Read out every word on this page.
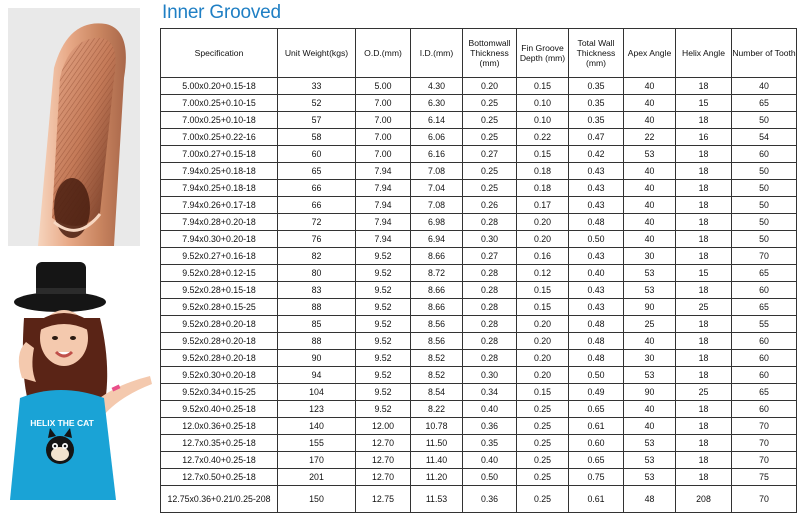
Inner Grooved
HELIX THE CAT
Specification	Unit Weight(kgs)	O.D.(mm)	I.D.(mm)	Bottomwall Thickness (mm)	Fin Groove Depth (mm)	Total Wall Thickness (mm)	Apex Angle	Helix Angle	Number of Tooth
5.00x0.20+0.15-18	33	5.00	4.30	0.20	0.15	0.35	40	18	40
7.00x0.25+0.10-15	52	7.00	6.30	0.25	0.10	0.35	40	15	65
7.00x0.25+0.10-18	57	7.00	6.14	0.25	0.10	0.35	40	18	50
7.00x0.25+0.22-16	58	7.00	6.06	0.25	0.22	0.47	22	16	54
7.00x0.27+0.15-18	60	7.00	6.16	0.27	0.15	0.42	53	18	60
7.94x0.25+0.18-18	65	7.94	7.08	0.25	0.18	0.43	40	18	50
7.94x0.25+0.18-18	66	7.94	7.04	0.25	0.18	0.43	40	18	50
7.94x0.26+0.17-18	66	7.94	7.08	0.26	0.17	0.43	40	18	50
7.94x0.28+0.20-18	72	7.94	6.98	0.28	0.20	0.48	40	18	50
7.94x0.30+0.20-18	76	7.94	6.94	0.30	0.20	0.50	40	18	50
9.52x0.27+0.16-18	82	9.52	8.66	0.27	0.16	0.43	30	18	70
9.52x0.28+0.12-15	80	9.52	8.72	0.28	0.12	0.40	53	15	65
9.52x0.28+0.15-18	83	9.52	8.66	0.28	0.15	0.43	53	18	60
9.52x0.28+0.15-25	88	9.52	8.66	0.28	0.15	0.43	90	25	65
9.52x0.28+0.20-18	85	9.52	8.56	0.28	0.20	0.48	25	18	55
9.52x0.28+0.20-18	88	9.52	8.56	0.28	0.20	0.48	40	18	60
9.52x0.28+0.20-18	90	9.52	8.52	0.28	0.20	0.48	30	18	60
9.52x0.30+0.20-18	94	9.52	8.52	0.30	0.20	0.50	53	18	60
9.52x0.34+0.15-25	104	9.52	8.54	0.34	0.15	0.49	90	25	65
9.52x0.40+0.25-18	123	9.52	8.22	0.40	0.25	0.65	40	18	60
12.0x0.36+0.25-18	140	12.00	10.78	0.36	0.25	0.61	40	18	70
12.7x0.35+0.25-18	155	12.70	11.50	0.35	0.25	0.60	53	18	70
12.7x0.40+0.25-18	170	12.70	11.40	0.40	0.25	0.65	53	18	70
12.7x0.50+0.25-18	201	12.70	11.20	0.50	0.25	0.75	53	18	75
12.75x0.36+0.21/0.25-208	150	12.75	11.53	0.36	0.25	0.61	48	208	70
